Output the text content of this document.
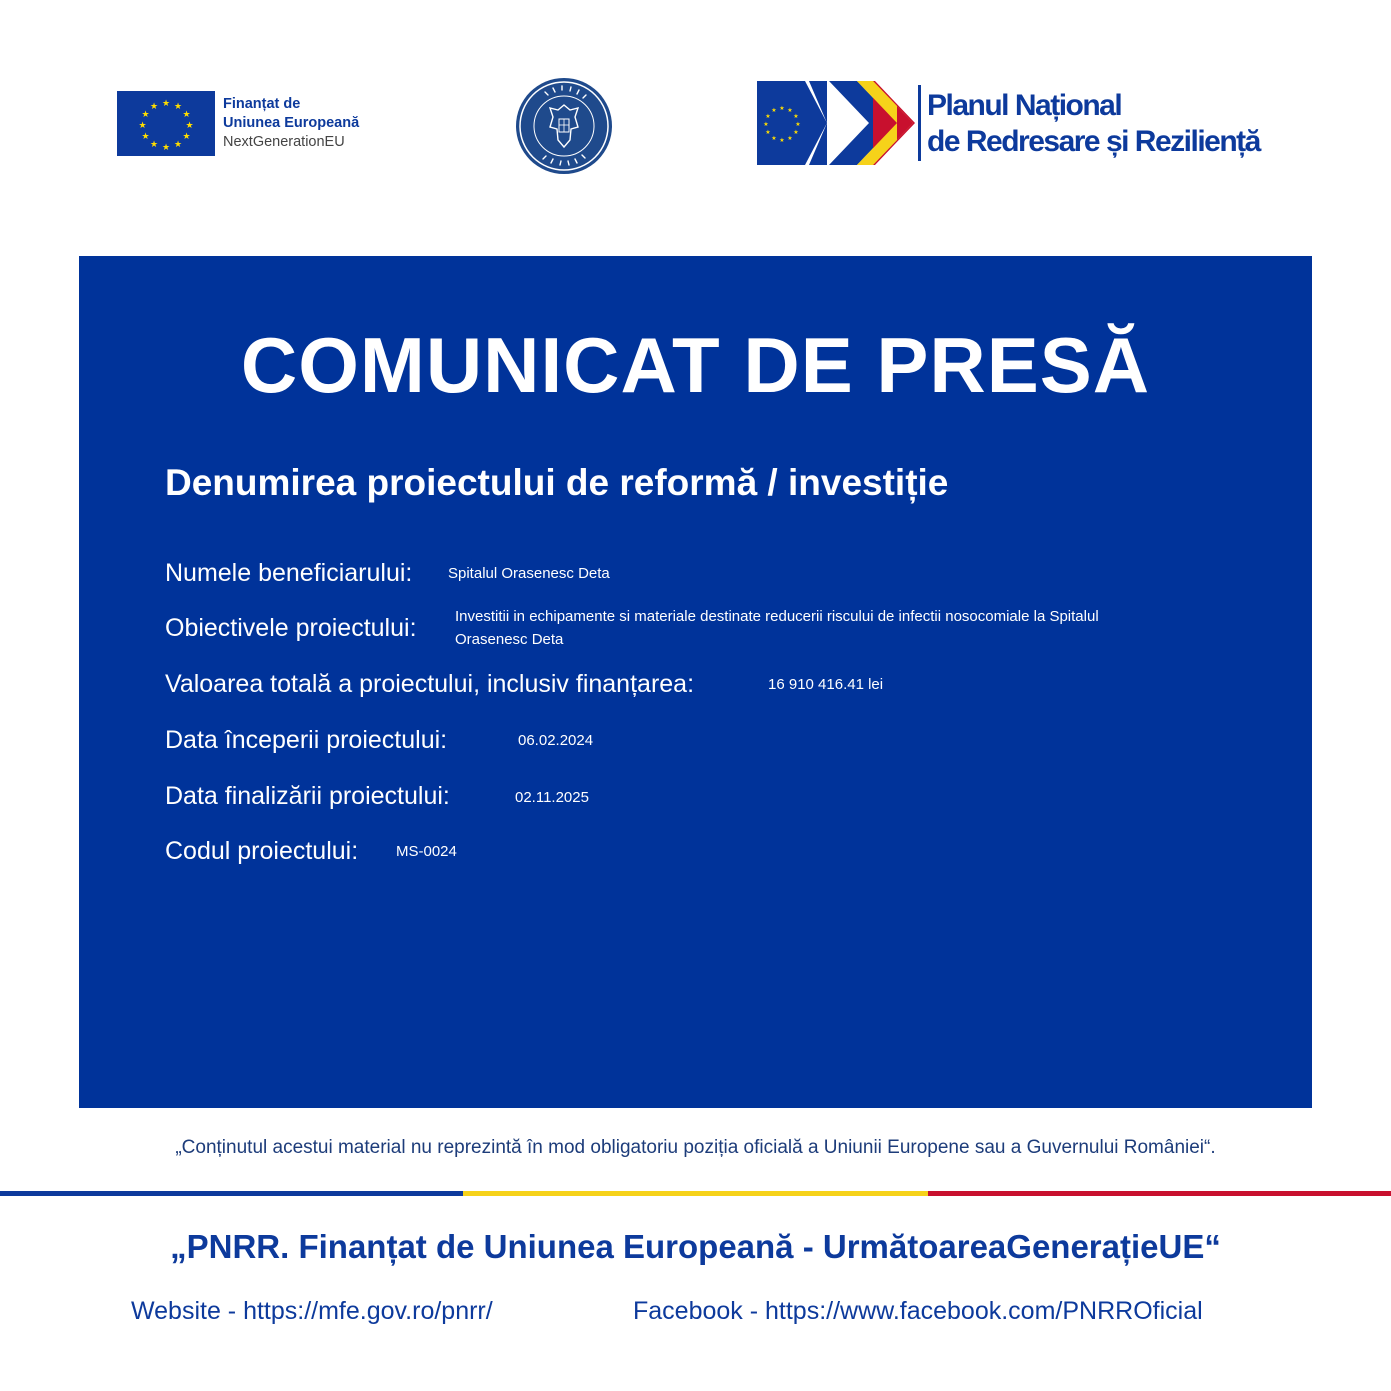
★ ★
★
★
★
★
★
★
★
★
★
★	Finanțat de
Uniunea Europeană
NextGenerationEU
★ ★
★
★
★
★
★
★
★
★
★
★	Planul Național
de Redresare și Reziliență
COMUNICAT DE PRESĂ
Denumirea proiectului de reformă / investiție
Numele beneficiarului: Spitalul Orasenesc Deta
Obiectivele proiectului:	Investitii in echipamente si materiale destinate reducerii riscului de infectii nosocomiale la Spitalul Orasenesc Deta
Valoarea totală a proiectului, inclusiv finanțarea:	16 910 416.41 lei
Data începerii proiectului:	06.02.2024
Data finalizării proiectului:	02.11.2025
Codul proiectului:	MS-0024
„Conținutul acestui material nu reprezintă în mod obligatoriu poziția oficială a Uniunii Europene sau a Guvernului României“.
„PNRR. Finanțat de Uniunea Europeană - UrmătoareaGenerațieUE“
Website - https://mfe.gov.ro/pnrr/	Facebook - https://www.facebook.com/PNRROficial
